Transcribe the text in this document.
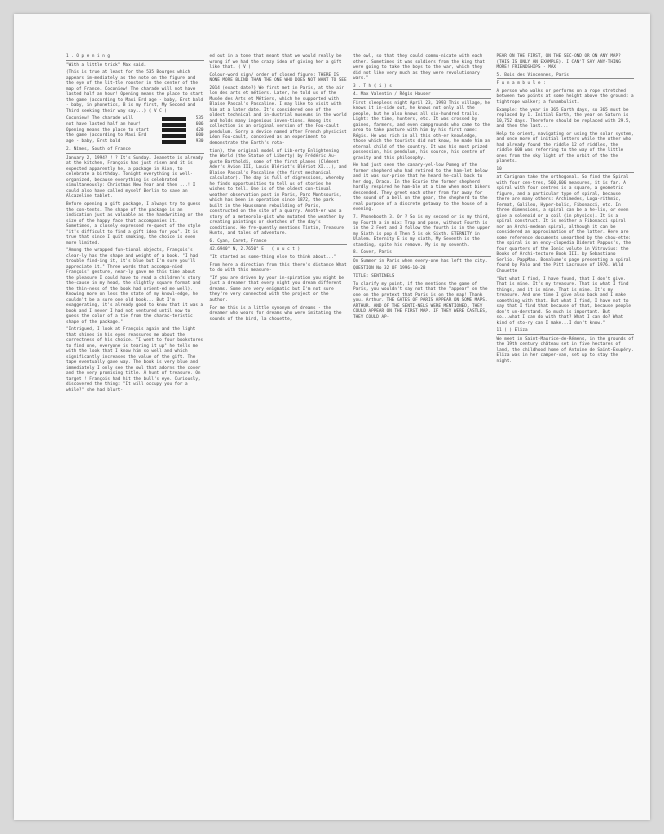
1 . O p e n i n g
"With a little trick" Max said.
(This is true at least for the 535 Bourges which appears im-mediately as the note on the figure and the eye of the lit-tle rooster in the center of the map of France. Coconiew! The charade will not have lasted half an hour! Opening means the place to start the game (according to Maxi Erd age - baby, Erst bald - baby, in phonetics, B is my first, My Second and Third seeking their way say...) ( V C )
Coconiew! The charade will	535
not have lasted half an hour!	606
Opening means the place to start	420
the game (according to Maxi Erd	600
age - baby, Erst bald	930
2. Nîmes, South of France
January 2, 1994? ! ? It's Sunday. Jeanette is already at the kitchen, François has just risen and it is expected apparently he, a package in Aixn, to celebrate a birthday. Tonight everything is well-organized, because everything is celebrated simultaneously: Christmas New Year and then ...! I could also have called myself Berlin to save an Alcazeline tablet.
Before opening a gift package, I always try to guess the con-tents. The shape of the package is an indication just as valuable as the handwriting or the size of the happy face that accompanies it. Sometimes, a closely expressed re-quest of the style "it's difficult to find a gift idea for you". It is true that since I quit smoking, the choice is even more limited.
"Among the wrapped fun-tional objects, François's clear-ly has the shape and weight of a book. "I had trouble find-ing it, it's blue but I'm sure you'll appreciate it." Three words that accompa-nied François' gesture, near-ly gave me this time about the pleasure I could have to read a children's story the-cause in my head, the slightly square format and the thin-ness of the book had orient-ed me well). Knowing more on less the state of my knowl-edge, he couldn't be a sure one old book... But I'm exaggerating, it's already good to know that it was a book and I never I had not ventured until now to guess the color of a tie from the charac-teristic shape of the package."
"Intrigued, I look at François again and the light that shines in his eyes reassures me about the correctness of his choice. "I went to four bookstores to find one, everyone is tearing it up" he tells me with the look that I know him so well and which significantly increases the value of the gift. The tape eventually gave way. The book is very blue and immediately I only see the owl that adorns the cover and the very promising title. A hunt of treasure. On target ! François had hit the bull's eye. Curiously, discovered the thing: "It will occupy you for a while?" she had blurt-
ed out in a tone that meant that we would really be wrong if we had the crazy idea of giving her a gift like that. ( V )
Colour-word sign/ order of closed figure: THERE IS NONE MORE BLIND THAN THE ONE WHO DOES NOT WANT TO SEE
2014 (exact date?) We first met in Paris, at the air lon des arts et métiers. Later, he told us of the Musée des Arts et Métiers, which he supported with Blaise Pascal's Pascaline. I may like to visit with him at a later date. It's considered one of the oldest technical and in-dustrial museums in the world and holds many ingenious inven-tions. Among its collection is an original version of the Fou-cault pendulum. Sorry a device named after French physicist Léon Fou-cault, conceived as an experiment to demonstrate the Earth's rota-
tion), the original model of Lib-erty Enlightening the World (the Statue of Liberty) by Frédéric Au-guste Bartholdi, some of the first planes (Clément Ader's Avion III, Louis Blériot's Blériot XI...), and Blaise Pascal's Pascaline (the first mechanical calculator). The day is full of digressions, whereby he finds opportunities to tell us of stories he wishes to tell. One is of the oldest con-tinual weather observation post in Paris, Parc Montsouris, which has been in operation since 1872, the park built in the Haussmann rebuilding of Paris, constructed on the site of a quarry. Anoth-er was a story of a meteorolo-gist who mutated the weather by creating paintings or sketches of the day's conditions. He fre-quently mentions Tintin, Treasure Hunts, and tales of adventure.
6. Cyan, Caret, France
42.6940° N, 2.7650° E   ( o u c t )
"It started as some-thing else to think about..."
From here a direction from this there's distance What to do with this measure-
"If you are driven by your in-spiration you might be just a dreamer that every night you dream different dreams. Some are very enigmatic but I'm not sure they're very connected with the project or the author.
For me this is a little synonym of dreams - the dreamer who wears for dreams who were imitating the sounds of the bird, la chouette,
the owl, so that they could commu-nicate with each other. Sometimes it was soldiers from the king that were going to take the boys to the war, which they did not like very much as they were revolutionary wars."
3 . T h ( i ) s
4. Max Valentin / Régis Hauser
First sleepless night April 23, 1993 This village, he knows it in-side out, he knows not only all the people, but he also knows all six-hundred trails. Light: the time, hunters, etc. It was crossed by gaines, farmers, and even campgrounds who came to the area to take pasture with him by his first name: Régis. He was rich in all this oth-er knowledge, those which the tourists did not know, he made him an eternal child of the country. It was his most prized possession, his pendulum, his source, his centre of gravity and this philosophy.
He had just seen the canary-yel-low Pomeg of the former shepherd who had retired to the ham-let below and it was sur-prise that he heard he-call back to her dog, Draco. In the Ecurie the former shepherd hardly respired he ham-ble at a time when most bikers descended. They greet each other from far away for the sound of a bell on the gear, the shepherd to the real purpose of a discrete getaway to the house of a evening.
7. Phonebooth 3. Or ? So is my second or is my third, my Fourth a in mix: Trap and pose, without Fourth is in the 2 Feet and 3 follow the fourth is in the upper my Sixth is pop 4 Then 5 is ok Sixth. ETERNITY in Ulalem. Eternity E is my sixth, My Seventh is the standing, spite his remove. My is my seventh.
8. Cover, Paris
On Summer in Paris when every-one has left the city.
QUESTION No 32 OF 1996-10-28
TITLE: SENTINELS
To clarify my point, if the mentions the game of Paris, you wouldn't say not that the "appear" on the one on the pretext that Paris is on the map! Thank you. Arthur. THE GATES OF PARIS APPEAR ON SOME MAPS. ARTHUR. AND OF THE SENTI-NELS WERE MENTIONED, THEY COULD APPEAR ON THE FIRST MAP. IF THEY WERE CASTLES, THEY COULD AP-
PEAR ON THE FIRST, ON THE SEC-OND OR ON ANY MAP? (THIS IS ONLY AN EXAMPLE). I CAN'T SAY ANY-THING MORE! FRIENDSHIPS - MAX
5. Bois des Vincennes, Paris
F u n a m b u l e :
A person who walks or performs on a rope stretched between two points at some height above the ground: a tightrope walker; a funambulist.
Example: the year in 365 Earth days, so 365 must be replaced by 1. Initial Earth, the year on Saturn is 10,752 days. Therefore should be replaced with 29.5, and then the last...
Help to orient, navigating or using the solar system, and once more of initial letters while the other who had already found the riddle 12 of riddles, the riddle 600 was referring to the way of the little ones from the sky light of the orbit of the the planets.
10
at Carignan take the orthogonal. So find the Spiral with four cen-tres, 560,606 measures, it is far. A spiral with four centres is a square, a geometric figure, and a particular type of spiral, because there are many others: Archimedes, Loga-rithmic, Fermat, Galileo, Hyper-bolic, Fibonacci, etc. In three dimensions, a spiral can be a he-lix, or even give a solenoid or a coil (in physics). It is a spiral construct. It is neither a Fibonacci spiral nor an Archi-medean spiral, although it can be considered an approximation of the latter. Here are some reference documents unearthed by the chou-ette: the spiral is an ency-clopedia Diderot Pappus's, the four quarters of the Ionic volute in Vitruvius: the Books of Archi-tecture Book III. by Sebastiano Serlio. PappMax. Bonalume's page presenting a spiral found by Palo and the Pitt Lacrouse of 1976. Wild Chouette
"But what I find, I have found, that I don't give. That is mine. It's my treasure. That is what I find things, and it is mine. That is mine. It's my treasure. And one time I give also back and I make something with that. But what I find, I have not to say that I find that because of that, because people don't un-derstand. So much is important. But so...what I can do with that? What I can do? What kind of sto-ry can I make...I don't know."
11 ( ) Eliza
We meet in Saint-Maurice-de-Rémens, in the grounds of the 19th century château set in five hectares of land, the childhood home of Antoine de Saint-Exupéry. Eliza was in her camper-van, set up to stay the night.
